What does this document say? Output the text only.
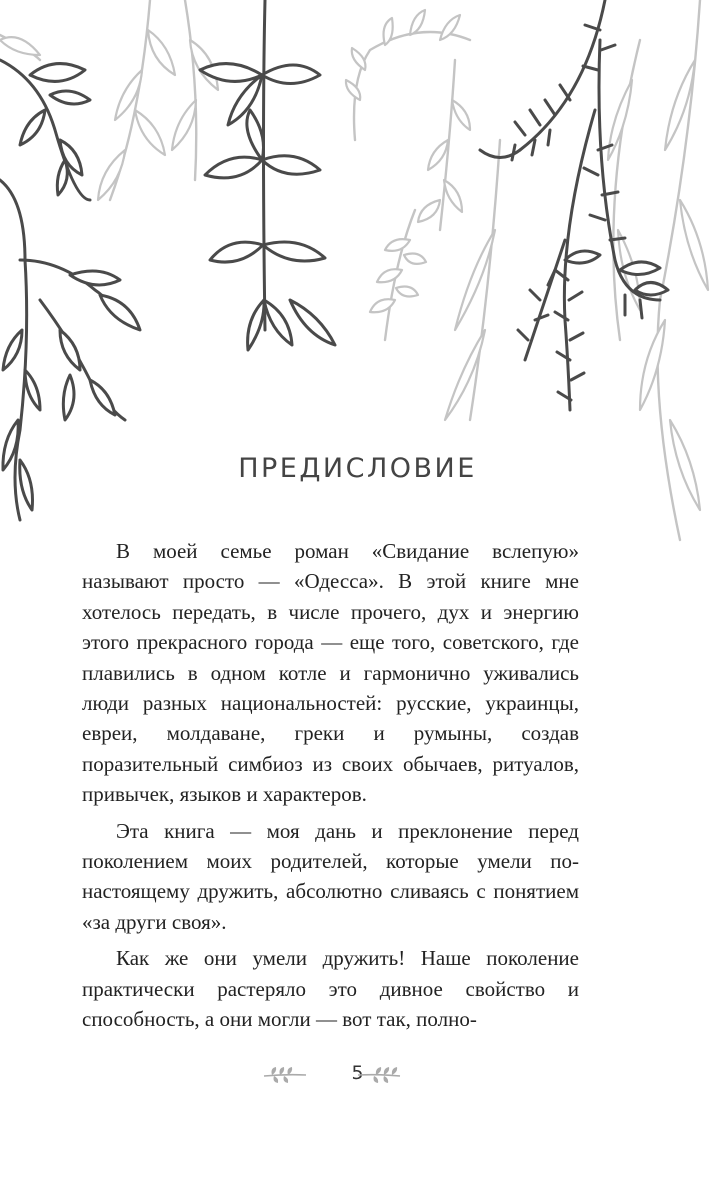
ПРЕДИСЛОВИЕ

В моей семье роман «Свидание вслепую» называют просто — «Одесса». В этой книге мне хотелось передать, в числе прочего, дух и энергию этого прекрасного города — еще того, советского, где плавились в одном котле и гармонично уживались люди разных национальностей: русские, украинцы, евреи, молдаване, греки и румыны, создав поразительный симбиоз из своих обычаев, ритуалов, привычек, языков и характеров.

Эта книга — моя дань и преклонение перед поколением моих родителей, которые умели по-настоящему дружить, абсолютно сливаясь с понятием «за други своя».

Как же они умели дружить! Наше поколение практически растеряло это дивное свойство и способность, а они могли — вот так, полно-

5
